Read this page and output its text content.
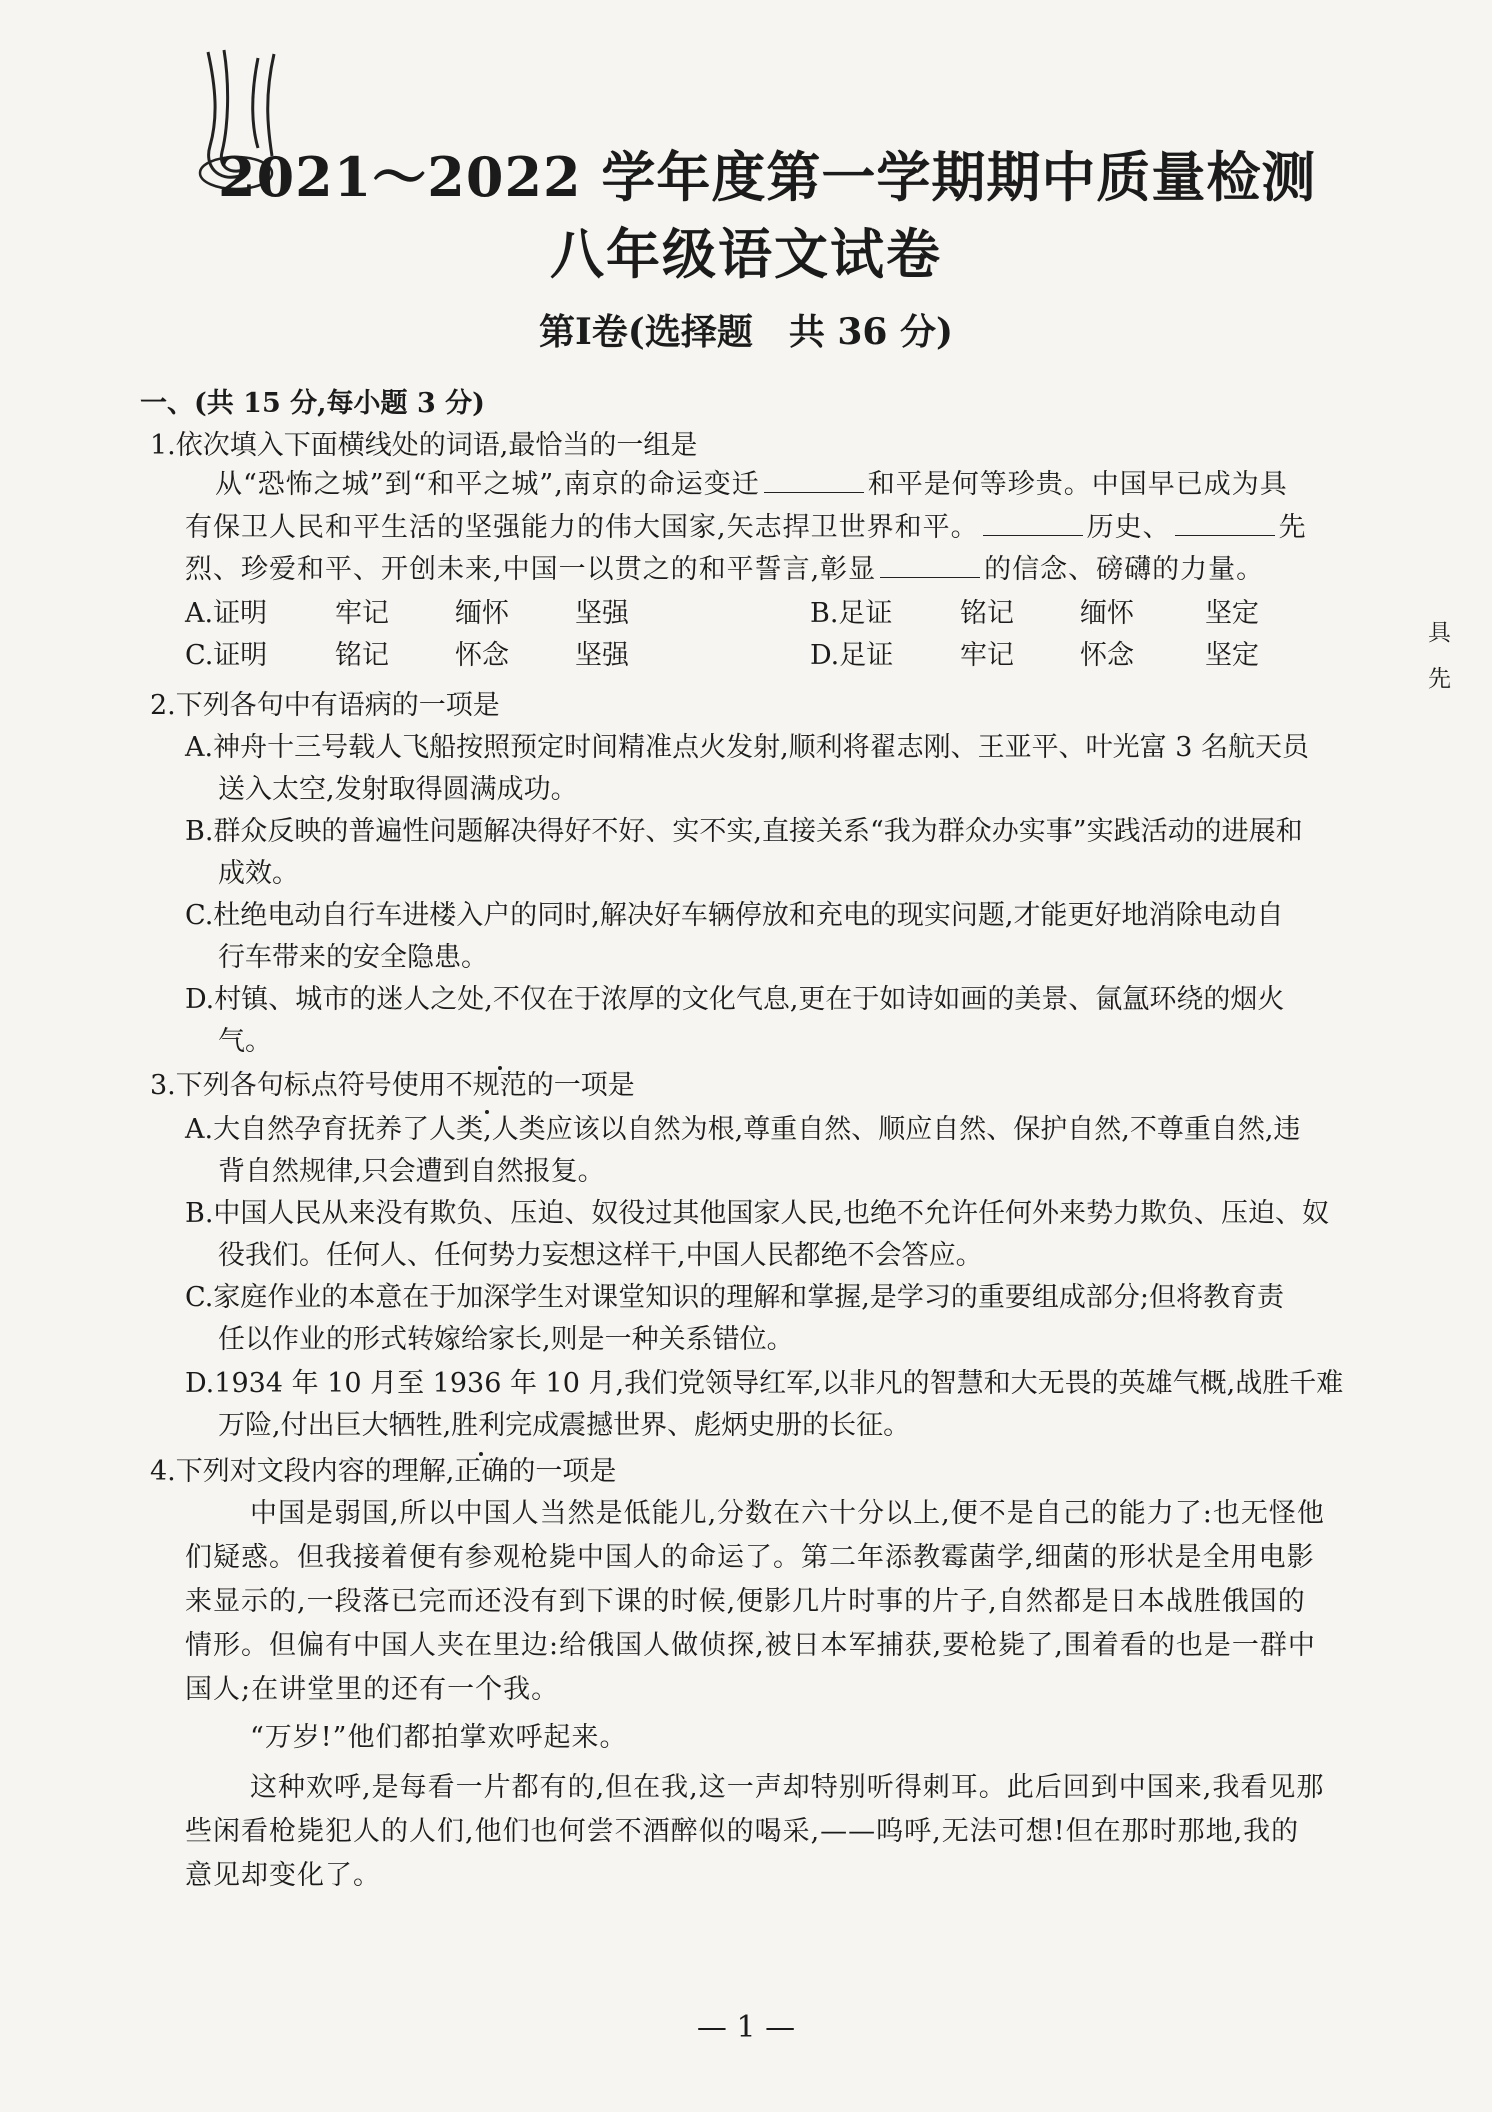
2021～2022 学年度第一学期期中质量检测
八年级语文试卷
第Ⅰ卷(选择题　共 36 分)
一、(共 15 分,每小题 3 分)
1.依次填入下面横线处的词语,最恰当的一组是
从“恐怖之城”到“和平之城”,南京的命运变迁	和平是何等珍贵。中国早已成为具
有保卫人民和平生活的坚强能力的伟大国家,矢志捍卫世界和平。	历史、	先
烈、珍爱和平、开创未来,中国一以贯之的和平誓言,彰显	的信念、磅礴的力量。
A.证明	牢记 缅怀 坚强	B.足证	铭记 缅怀	坚定
C.证明	铭记 怀念 坚强	D.足证 牢记 怀念	坚定
具
先
2.下列各句中有语病的一项是
A.神舟十三号载人飞船按照预定时间精准点火发射,顺利将翟志刚、王亚平、叶光富 3 名航天员
送入太空,发射取得圆满成功。
B.群众反映的普遍性问题解决得好不好、实不实,直接关系“我为群众办实事”实践活动的进展和
成效。
C.杜绝电动自行车进楼入户的同时,解决好车辆停放和充电的现实问题,才能更好地消除电动自
行车带来的安全隐患。
D.村镇、城市的迷人之处,不仅在于浓厚的文化气息,更在于如诗如画的美景、氤氲环绕的烟火
气。
3.下列各句标点符号使用不规范的一项是
A.大自然孕育抚养了人类,人类应该以自然为根,尊重自然、顺应自然、保护自然,不尊重自然,违
背自然规律,只会遭到自然报复。
B.中国人民从来没有欺负、压迫、奴役过其他国家人民,也绝不允许任何外来势力欺负、压迫、奴
役我们。任何人、任何势力妄想这样干,中国人民都绝不会答应。
C.家庭作业的本意在于加深学生对课堂知识的理解和掌握,是学习的重要组成部分;但将教育责
任以作业的形式转嫁给家长,则是一种关系错位。
D.1934 年 10 月至 1936 年 10 月,我们党领导红军,以非凡的智慧和大无畏的英雄气概,战胜千难
万险,付出巨大牺牲,胜利完成震撼世界、彪炳史册的长征。
4.下列对文段内容的理解,正确的一项是
中国是弱国,所以中国人当然是低能儿,分数在六十分以上,便不是自己的能力了:也无怪他
们疑惑。但我接着便有参观枪毙中国人的命运了。第二年添教霉菌学,细菌的形状是全用电影
来显示的,一段落已完而还没有到下课的时候,便影几片时事的片子,自然都是日本战胜俄国的
情形。但偏有中国人夹在里边:给俄国人做侦探,被日本军捕获,要枪毙了,围着看的也是一群中
国人;在讲堂里的还有一个我。
“万岁!”他们都拍掌欢呼起来。
这种欢呼,是每看一片都有的,但在我,这一声却特别听得刺耳。此后回到中国来,我看见那
些闲看枪毙犯人的人们,他们也何尝不酒醉似的喝采,——呜呼,无法可想!但在那时那地,我的
意见却变化了。
— 1 —
